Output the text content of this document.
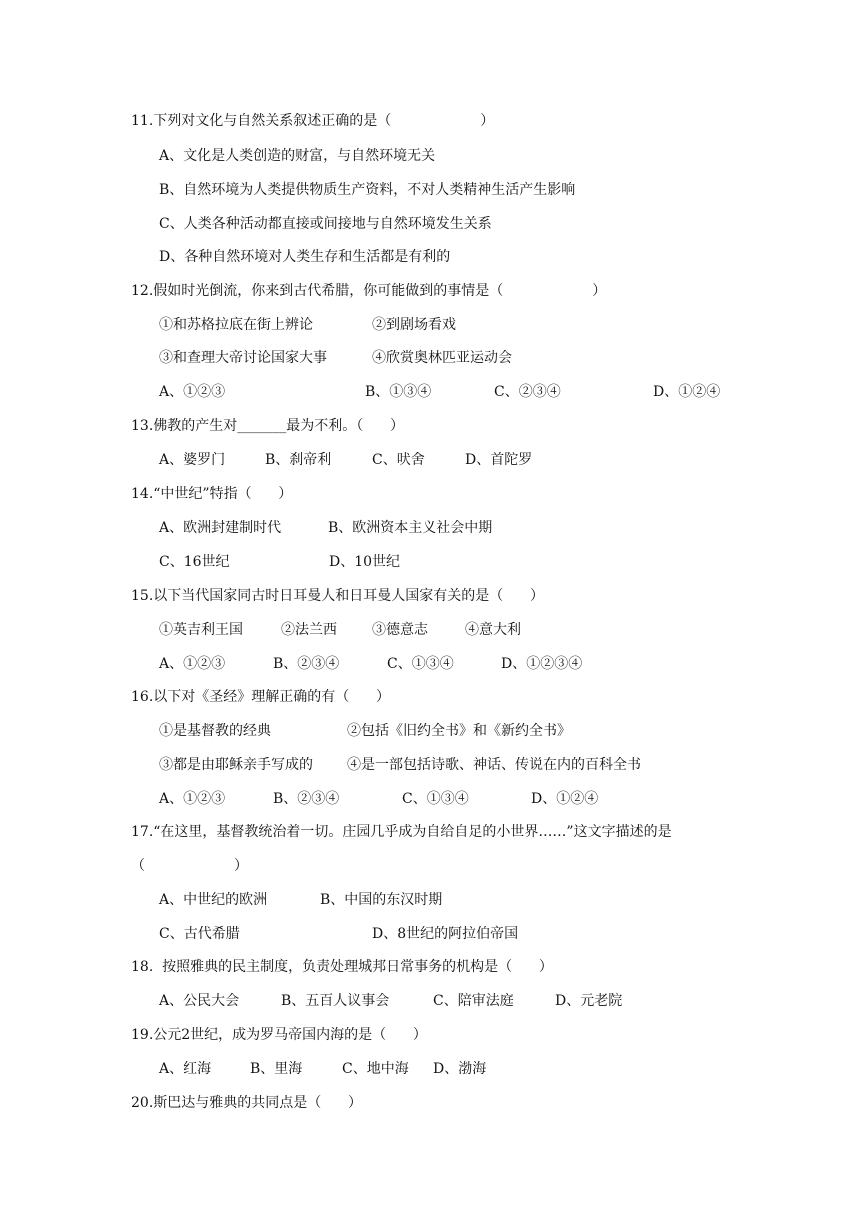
11.下列对文化与自然关系叙述正确的是（                    ）
A、文化是人类创造的财富，与自然环境无关
B、自然环境为人类提供物质生产资料，不对人类精神生活产生影响
C、人类各种活动都直接或间接地与自然环境发生关系
D、各种自然环境对人类生存和生活都是有利的
12.假如时光倒流，你来到古代希腊，你可能做到的事情是（                    ）
①和苏格拉底在街上辨论	②到剧场看戏
③和查理大帝讨论国家大事	④欣赏奥林匹亚运动会
A、①②③	B、①③④	C、②③④	D、①②④
13.佛教的产生对_______最为不利。（      ）
A、婆罗门	B、刹帝利	C、吠舍	D、首陀罗
14.“中世纪”特指（      ）
A、欧洲封建制时代	B、欧洲资本主义社会中期
C、16世纪	D、10世纪
15.以下当代国家同古时日耳曼人和日耳曼人国家有关的是（      ）
①英吉利王国	②法兰西	③德意志	④意大利
A、①②③	B、②③④	C、①③④	D、①②③④
16.以下对《圣经》理解正确的有（      ）
①是基督教的经典	②包括《旧约全书》和《新约全书》
③都是由耶稣亲手写成的 ④是一部包括诗歌、神话、传说在内的百科全书
A、①②③	B、②③④	C、①③④	D、①②④
17.“在这里，基督教统治着一切。庄园几乎成为自给自足的小世界……”这文字描述的是
（                    ）
A、中世纪的欧洲	B、中国的东汉时期
C、古代希腊	D、8世纪的阿拉伯帝国
18.  按照雅典的民主制度，负责处理城邦日常事务的机构是（      ）
A、公民大会	B、五百人议事会	C、陪审法庭	D、元老院
19.公元2世纪，成为罗马帝国内海的是（      ）
A、红海	B、里海	C、地中海 D、渤海
20.斯巴达与雅典的共同点是（      ）
